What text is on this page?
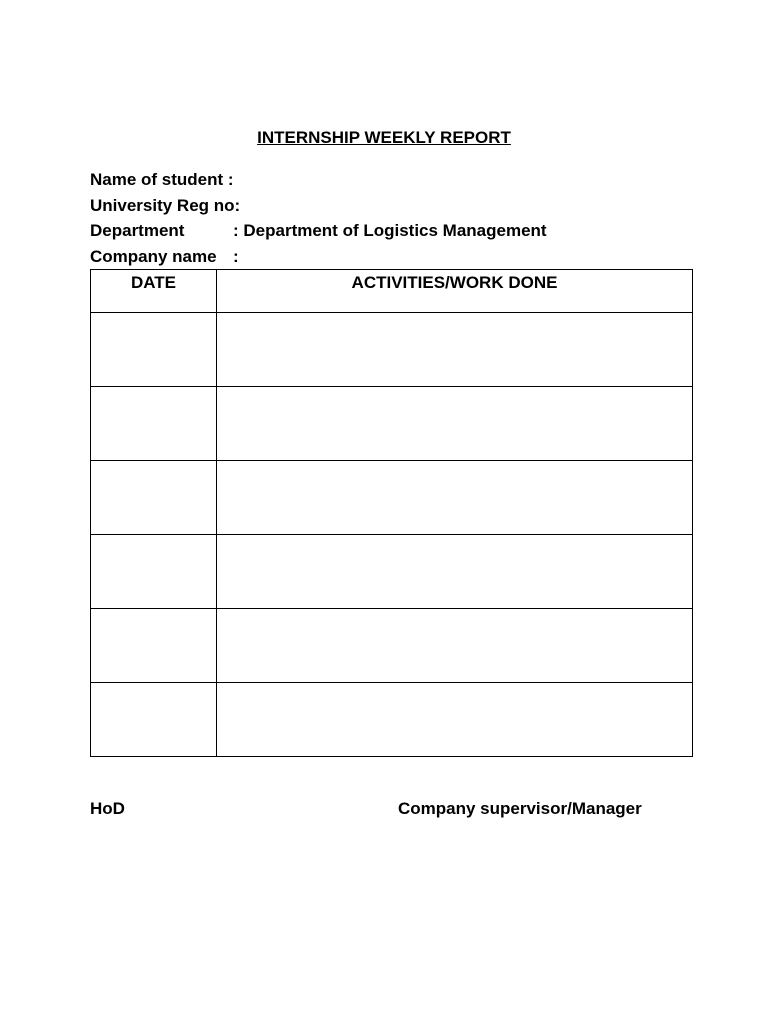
INTERNSHIP WEEKLY REPORT
Name of student :
University Reg no:
Department	: Department of Logistics Management
Company name :
DATE	ACTIVITIES/WORK DONE

HoD	Company supervisor/Manager
